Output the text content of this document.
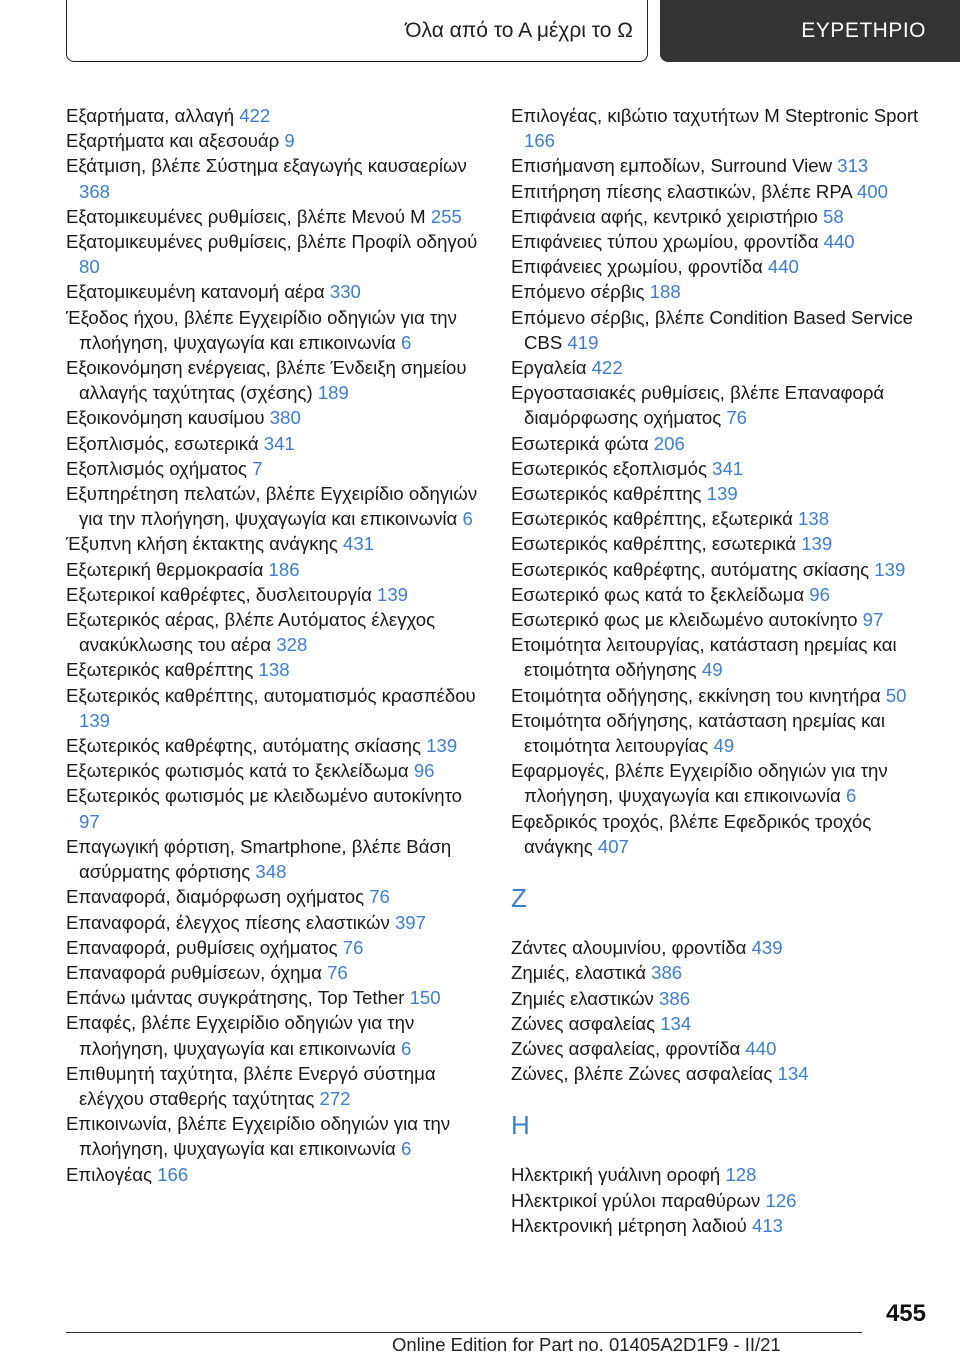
Όλα από το Α μέχρι το Ω	ΕΥΡΕΤΗΡΙΟ

Εξαρτήματα, αλλαγή 422

Εξαρτήματα και αξεσουάρ 9

Εξάτμιση, βλέπε Σύστημα εξαγωγής καυσαερίων 368

Εξατομικευμένες ρυθμίσεις, βλέπε Μενού M 255

Εξατομικευμένες ρυθμίσεις, βλέπε Προφίλ οδηγού 80

Εξατομικευμένη κατανομή αέρα 330

Έξοδος ήχου, βλέπε Εγχειρίδιο οδηγιών για την πλοήγηση, ψυχαγωγία και επικοινωνία 6

Εξοικονόμηση ενέργειας, βλέπε Ένδειξη σημείου αλλαγής ταχύτητας (σχέσης) 189

Εξοικονόμηση καυσίμου 380

Εξοπλισμός, εσωτερικά 341

Εξοπλισμός οχήματος 7

Εξυπηρέτηση πελατών, βλέπε Εγχειρίδιο οδηγιών για την πλοήγηση, ψυχαγωγία και επικοινωνία 6

Έξυπνη κλήση έκτακτης ανάγκης 431

Εξωτερική θερμοκρασία 186

Εξωτερικοί καθρέφτες, δυσλειτουργία 139

Εξωτερικός αέρας, βλέπε Αυτόματος έλεγχος ανακύκλωσης του αέρα 328

Εξωτερικός καθρέπτης 138

Εξωτερικός καθρέπτης, αυτοματισμός κρασπέδου 139

Εξωτερικός καθρέφτης, αυτόματης σκίασης 139

Εξωτερικός φωτισμός κατά το ξεκλείδωμα 96

Εξωτερικός φωτισμός με κλειδωμένο αυτοκίνητο 97

Επαγωγική φόρτιση, Smartphone, βλέπε Βάση ασύρματης φόρτισης 348

Επαναφορά, διαμόρφωση οχήματος 76

Επαναφορά, έλεγχος πίεσης ελαστικών 397

Επαναφορά, ρυθμίσεις οχήματος 76

Επαναφορά ρυθμίσεων, όχημα 76

Επάνω ιμάντας συγκράτησης, Top Tether 150

Επαφές, βλέπε Εγχειρίδιο οδηγιών για την πλοήγηση, ψυχαγωγία και επικοινωνία 6

Επιθυμητή ταχύτητα, βλέπε Ενεργό σύστημα ελέγχου σταθερής ταχύτητας 272

Επικοινωνία, βλέπε Εγχειρίδιο οδηγιών για την πλοήγηση, ψυχαγωγία και επικοινωνία 6

Επιλογέας 166

Επιλογέας, κιβώτιο ταχυτήτων M Steptronic Sport 166

Επισήμανση εμποδίων, Surround View 313

Επιτήρηση πίεσης ελαστικών, βλέπε RPA 400

Επιφάνεια αφής, κεντρικό χειριστήριο 58

Επιφάνειες τύπου χρωμίου, φροντίδα 440

Επιφάνειες χρωμίου, φροντίδα 440

Επόμενο σέρβις 188

Επόμενο σέρβις, βλέπε Condition Based Service CBS 419

Εργαλεία 422

Εργοστασιακές ρυθμίσεις, βλέπε Επαναφορά διαμόρφωσης οχήματος 76

Εσωτερικά φώτα 206

Εσωτερικός εξοπλισμός 341

Εσωτερικός καθρέπτης 139

Εσωτερικός καθρέπτης, εξωτερικά 138

Εσωτερικός καθρέπτης, εσωτερικά 139

Εσωτερικός καθρέφτης, αυτόματης σκίασης 139

Εσωτερικό φως κατά το ξεκλείδωμα 96

Εσωτερικό φως με κλειδωμένο αυτοκίνητο 97

Ετοιμότητα λειτουργίας, κατάσταση ηρεμίας και ετοιμότητα οδήγησης 49

Ετοιμότητα οδήγησης, εκκίνηση του κινητήρα 50

Ετοιμότητα οδήγησης, κατάσταση ηρεμίας και ετοιμότητα λειτουργίας 49

Εφαρμογές, βλέπε Εγχειρίδιο οδηγιών για την πλοήγηση, ψυχαγωγία και επικοινωνία 6

Εφεδρικός τροχός, βλέπε Εφεδρικός τροχός ανάγκης 407

Z

Ζάντες αλουμινίου, φροντίδα 439

Ζημιές, ελαστικά 386

Ζημιές ελαστικών 386

Ζώνες ασφαλείας 134

Ζώνες ασφαλείας, φροντίδα 440

Ζώνες, βλέπε Ζώνες ασφαλείας 134

H

Ηλεκτρική γυάλινη οροφή 128

Ηλεκτρικοί γρύλοι παραθύρων 126

Ηλεκτρονική μέτρηση λαδιού 413

455
Online Edition for Part no. 01405A2D1F9 - II/21
